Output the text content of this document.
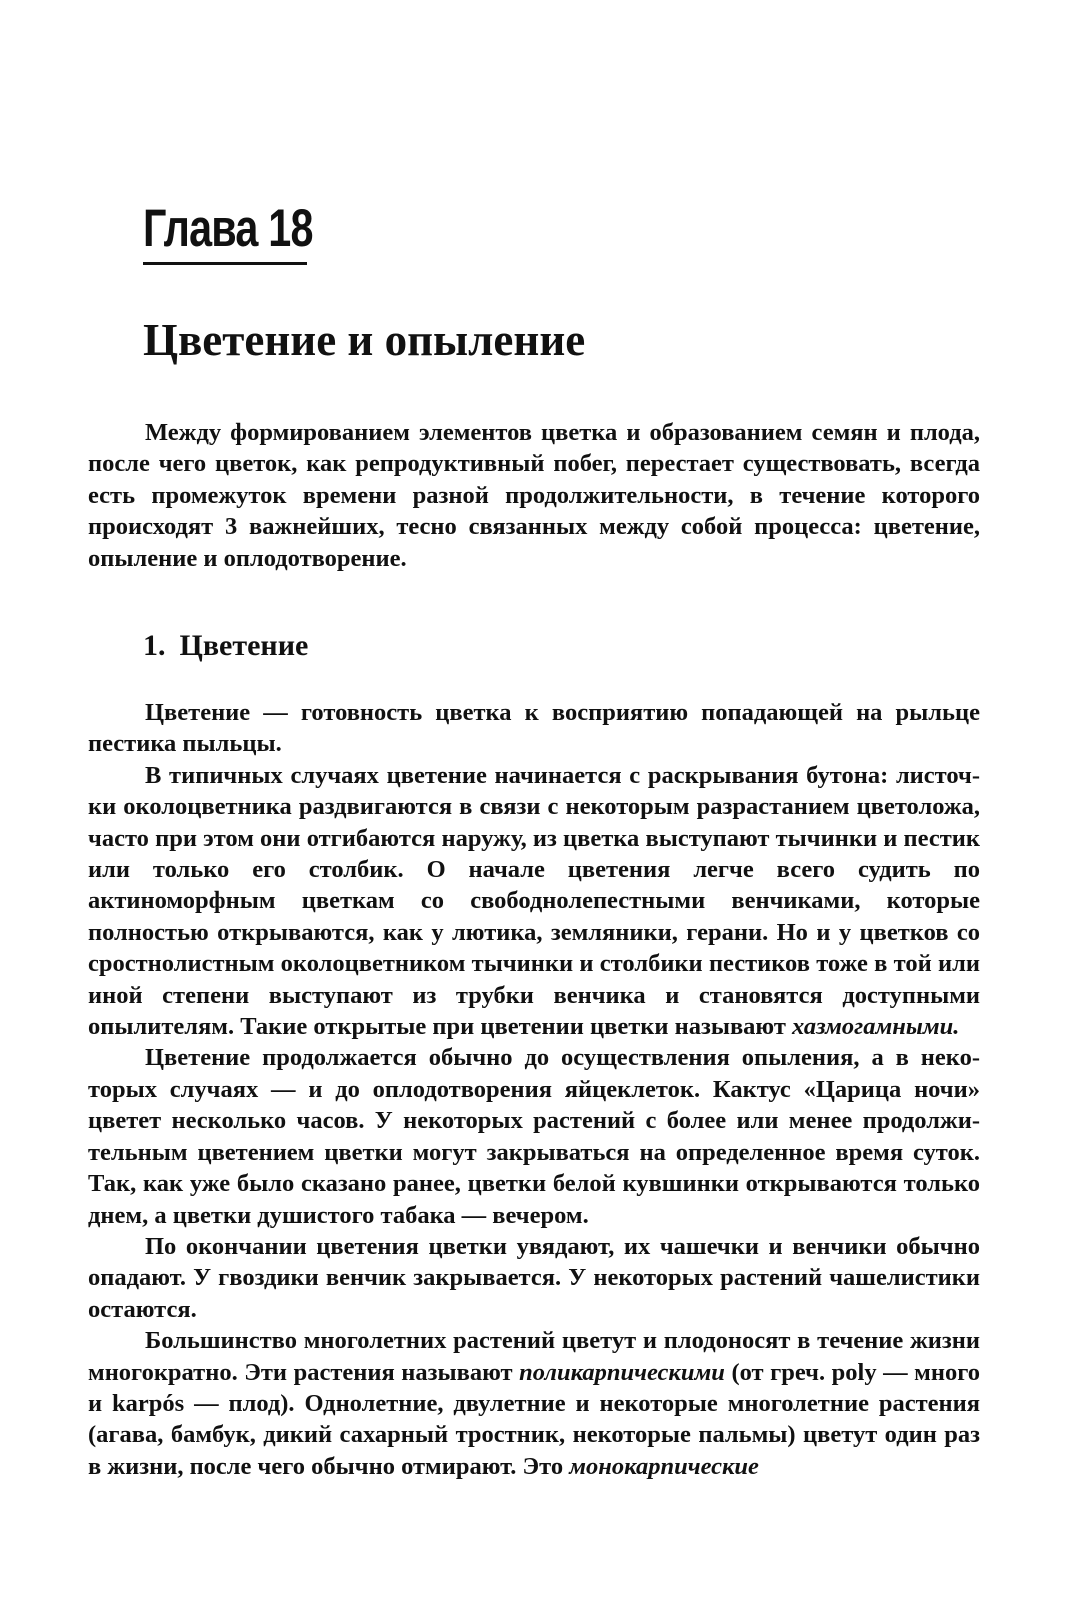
Глава 18
Цветение и опыление

Между формированием элементов цветка и образованием семян и плода, после чего цветок, как репродуктивный побег, перестает существовать, всегда есть промежуток времени разной продолжительности, в течение которого происходят 3 важнейших, тесно связанных между собой процесса: цветение, опыление и оплодотворение.

1. Цветение

Цветение — готовность цветка к восприятию попадающей на рыльце пестика пыльцы.

В типичных случаях цветение начинается с раскрывания бутона: листочки околоцветника раздвигаются в связи с некоторым разрастанием цветоложа, часто при этом они отгибаются наружу, из цветка выступают тычинки и пестик или только его столбик. О начале цветения легче всего судить по актиноморфным цветкам со свободнолепестными венчиками, которые полностью открываются, как у лютика, земляники, герани. Но и у цветков со сростнолистным околоцветником тычинки и столбики пестиков тоже в той или иной степени выступают из трубки венчика и становятся доступными опылителям. Такие открытые при цветении цветки называют хазмогамными.

Цветение продолжается обычно до осуществления опыления, а в некоторых случаях — и до оплодотворения яйцеклеток. Кактус «Царица ночи» цветет несколько часов. У некоторых растений с более или менее продолжительным цветением цветки могут закрываться на определенное время суток. Так, как уже было сказано ранее, цветки белой кувшинки открываются только днем, а цветки душистого табака — вечером.

По окончании цветения цветки увядают, их чашечки и венчики обычно опадают. У гвоздики венчик закрывается. У некоторых растений чашелистики остаются.

Большинство многолетних растений цветут и плодоносят в течение жизни многократно. Эти растения называют поликарпическими (от греч. poly — много и karpós — плод). Однолетние, двулетние и некоторые многолетние растения (агава, бамбук, дикий сахарный тростник, некоторые пальмы) цветут один раз в жизни, после чего обычно отмирают. Это монокарпические
